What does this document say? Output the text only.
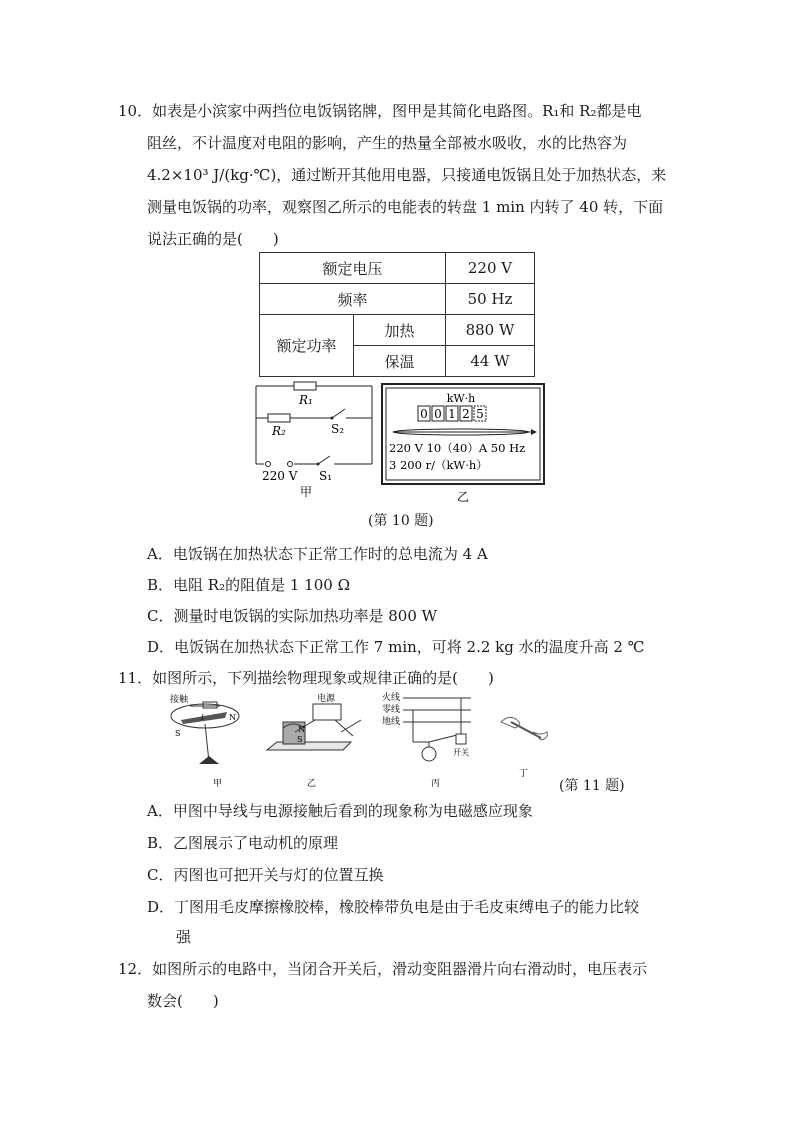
10．如表是小滨家中两挡位电饭锅铭牌，图甲是其简化电路图。R₁和 R₂都是电
阻丝，不计温度对电阻的影响，产生的热量全部被水吸收，水的比热容为
4.2×10³ J/(kg·℃)，通过断开其他用电器，只接通电饭锅且处于加热状态，来
测量电饭锅的功率，观察图乙所示的电能表的转盘 1 min 内转了 40 转，下面
说法正确的是(　　)
额定电压		220 V
频率		50 Hz
额定功率	加热	880 W
	保温	44 W
R₁
R₂	S₂
S₁
220 V
甲
kW·h
0 0 1 2 5
220 V 10（40）A 50 Hz
3 200 r/（kW·h）
乙
(第 10 题)
A．电饭锅在加热状态下正常工作时的总电流为 4 A
B．电阻 R₂的阻值是 1 100 Ω
C．测量时电饭锅的实际加热功率是 800 W
D．电饭锅在加热状态下正常工作 7 min，可将 2.2 kg 水的温度升高 2 ℃
11．如图所示，下列描绘物理现象或规律正确的是(　　)
接触
N
S
I
甲
电源
N
S
乙
火线
零线
地线
开关
丙
丁
(第 11 题)
A．甲图中导线与电源接触后看到的现象称为电磁感应现象
B．乙图展示了电动机的原理
C．丙图也可把开关与灯的位置互换
D．丁图用毛皮摩擦橡胶棒，橡胶棒带负电是由于毛皮束缚电子的能力比较
强
12．如图所示的电路中，当闭合开关后，滑动变阻器滑片向右滑动时，电压表示
数会(　　)
